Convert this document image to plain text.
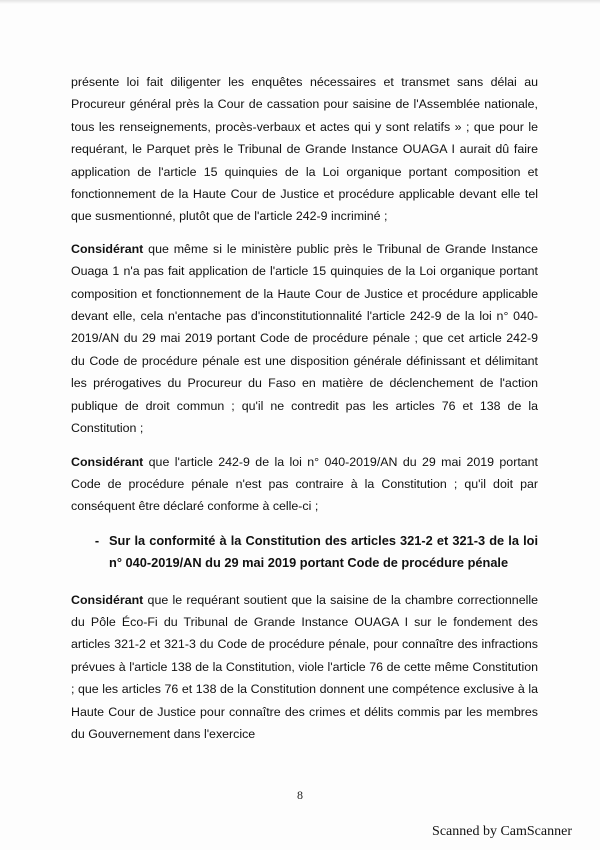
présente loi fait diligenter les enquêtes nécessaires et transmet sans délai au Procureur général près la Cour de cassation pour saisine de l'Assemblée nationale, tous les renseignements, procès-verbaux et actes qui y sont relatifs » ; que pour le requérant, le Parquet près le Tribunal de Grande Instance OUAGA I aurait dû faire application de l'article 15 quinquies de la Loi organique portant composition et fonctionnement de la Haute Cour de Justice et procédure applicable devant elle tel que susmentionné, plutôt que de l'article 242-9 incriminé ;

Considérant que même si le ministère public près le Tribunal de Grande Instance Ouaga 1 n'a pas fait application de l'article 15 quinquies de la Loi organique portant composition et fonctionnement de la Haute Cour de Justice et procédure applicable devant elle, cela n'entache pas d'inconstitutionnalité l'article 242-9 de la loi n° 040-2019/AN du 29 mai 2019 portant Code de procédure pénale ; que cet article 242-9 du Code de procédure pénale est une disposition générale définissant et délimitant les prérogatives du Procureur du Faso en matière de déclenchement de l'action publique de droit commun ; qu'il ne contredit pas les articles 76 et 138 de la Constitution ;

Considérant que l'article 242-9 de la loi n° 040-2019/AN du 29 mai 2019 portant Code de procédure pénale n'est pas contraire à la Constitution ; qu'il doit par conséquent être déclaré conforme à celle-ci ;

- Sur la conformité à la Constitution des articles 321-2 et 321-3 de la loi n° 040-2019/AN du 29 mai 2019 portant Code de procédure pénale

Considérant que le requérant soutient que la saisine de la chambre correctionnelle du Pôle Éco-Fi du Tribunal de Grande Instance OUAGA I sur le fondement des articles 321-2 et 321-3 du Code de procédure pénale, pour connaître des infractions prévues à l'article 138 de la Constitution, viole l'article 76 de cette même Constitution ; que les articles 76 et 138 de la Constitution donnent une compétence exclusive à la Haute Cour de Justice pour connaître des crimes et délits commis par les membres du Gouvernement dans l'exercice

8
Scanned by CamScanner
